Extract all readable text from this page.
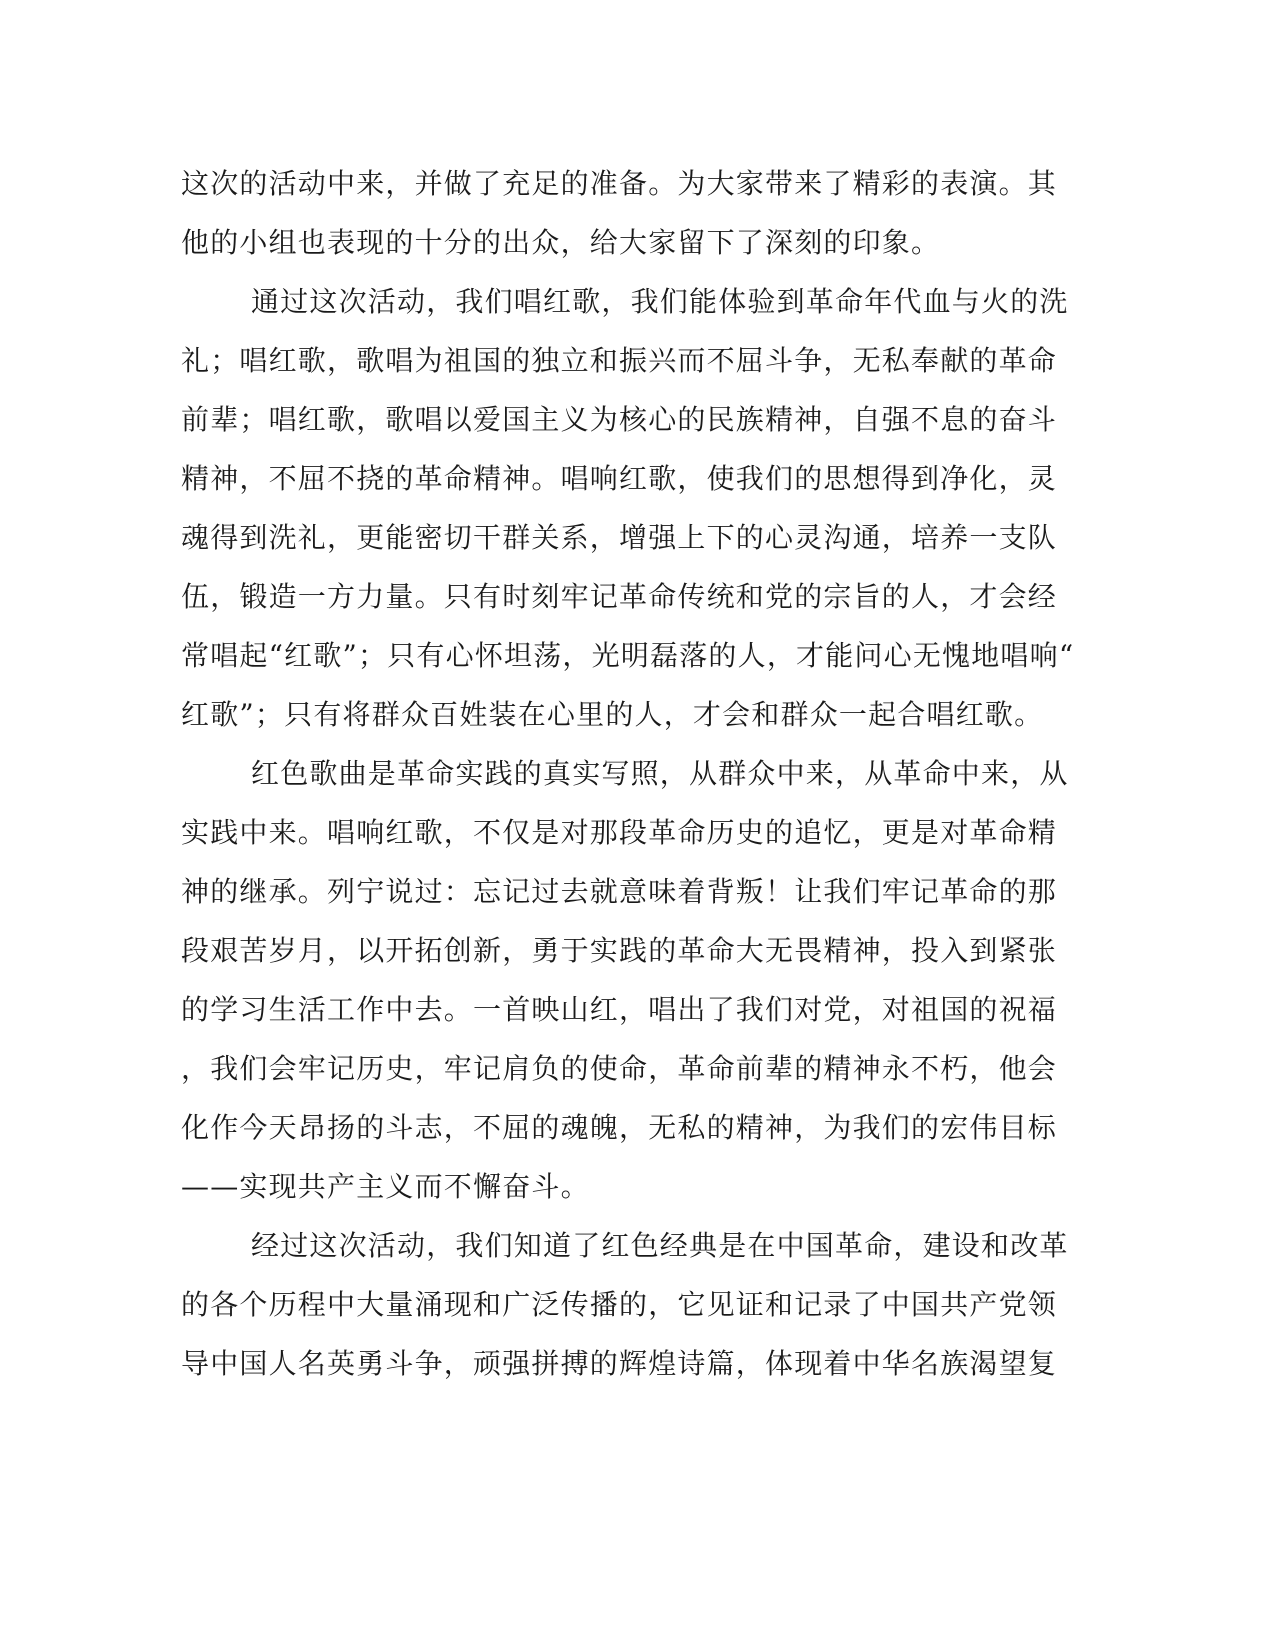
这次的活动中来，并做了充足的准备。为大家带来了精彩的表演。其
他的小组也表现的十分的出众，给大家留下了深刻的印象。
通过这次活动，我们唱红歌，我们能体验到革命年代血与火的洗
礼；唱红歌，歌唱为祖国的独立和振兴而不屈斗争，无私奉献的革命
前辈；唱红歌，歌唱以爱国主义为核心的民族精神，自强不息的奋斗
精神，不屈不挠的革命精神。唱响红歌，使我们的思想得到净化，灵
魂得到洗礼，更能密切干群关系，增强上下的心灵沟通，培养一支队
伍，锻造一方力量。只有时刻牢记革命传统和党的宗旨的人，才会经
常唱起“红歌”；只有心怀坦荡，光明磊落的人，才能问心无愧地唱响“
红歌”；只有将群众百姓装在心里的人，才会和群众一起合唱红歌。
红色歌曲是革命实践的真实写照，从群众中来，从革命中来，从
实践中来。唱响红歌，不仅是对那段革命历史的追忆，更是对革命精
神的继承。列宁说过：忘记过去就意味着背叛！让我们牢记革命的那
段艰苦岁月，以开拓创新，勇于实践的革命大无畏精神，投入到紧张
的学习生活工作中去。一首映山红，唱出了我们对党，对祖国的祝福
，我们会牢记历史，牢记肩负的使命，革命前辈的精神永不朽，他会
化作今天昂扬的斗志，不屈的魂魄，无私的精神，为我们的宏伟目标
——实现共产主义而不懈奋斗。
经过这次活动，我们知道了红色经典是在中国革命，建设和改革
的各个历程中大量涌现和广泛传播的，它见证和记录了中国共产党领
导中国人名英勇斗争，顽强拼搏的辉煌诗篇，体现着中华名族渴望复
